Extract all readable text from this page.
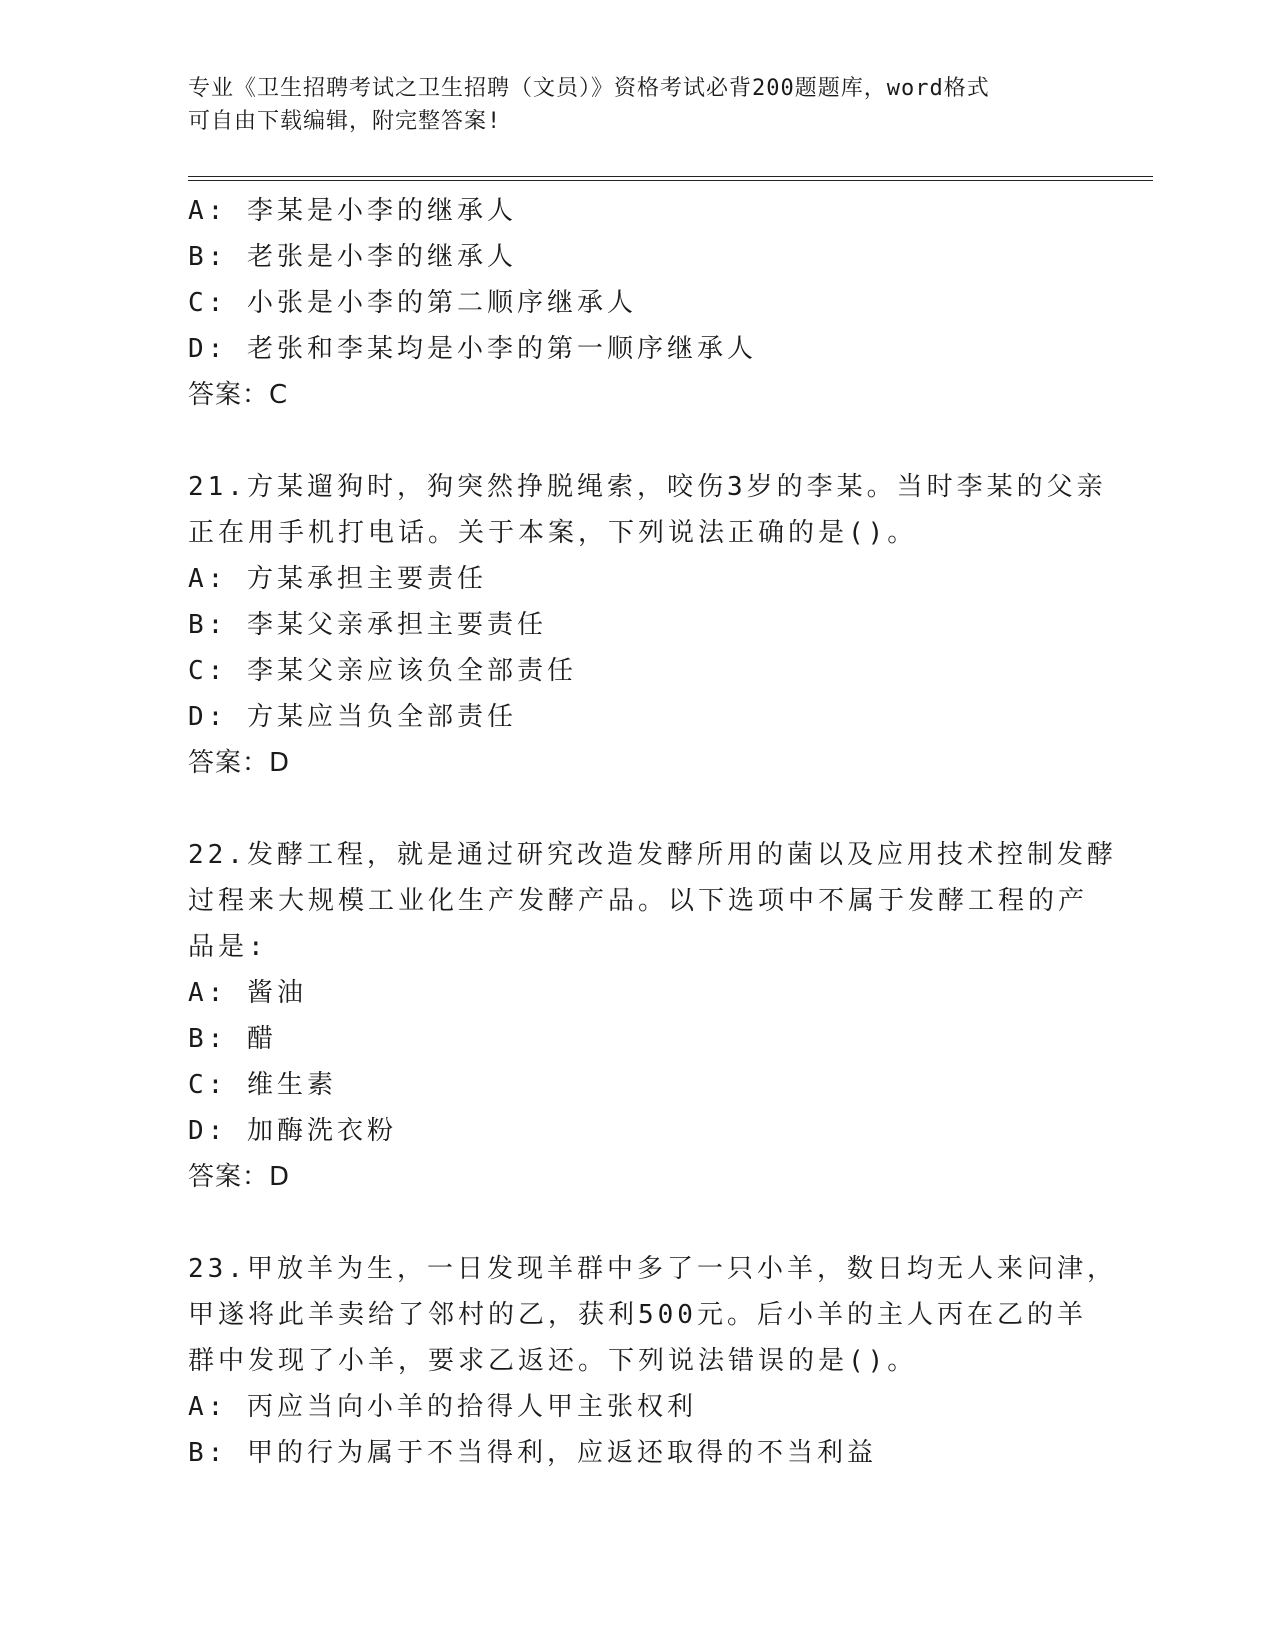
专业《卫生招聘考试之卫生招聘（文员）》资格考试必背200题题库，word格式
可自由下载编辑，附完整答案!
A: 李某是小李的继承人
B: 老张是小李的继承人
C: 小张是小李的第二顺序继承人
D: 老张和李某均是小李的第一顺序继承人
答案：C
21.方某遛狗时，狗突然挣脱绳索，咬伤3岁的李某。当时李某的父亲
正在用手机打电话。关于本案，下列说法正确的是()。
A: 方某承担主要责任
B: 李某父亲承担主要责任
C: 李某父亲应该负全部责任
D: 方某应当负全部责任
答案：D
22.发酵工程，就是通过研究改造发酵所用的菌以及应用技术控制发酵
过程来大规模工业化生产发酵产品。以下选项中不属于发酵工程的产
品是:
A: 酱油
B: 醋
C: 维生素
D: 加酶洗衣粉
答案：D
23.甲放羊为生，一日发现羊群中多了一只小羊，数日均无人来问津，
甲遂将此羊卖给了邻村的乙，获利500元。后小羊的主人丙在乙的羊
群中发现了小羊，要求乙返还。下列说法错误的是()。
A: 丙应当向小羊的拾得人甲主张权利
B: 甲的行为属于不当得利，应返还取得的不当利益
